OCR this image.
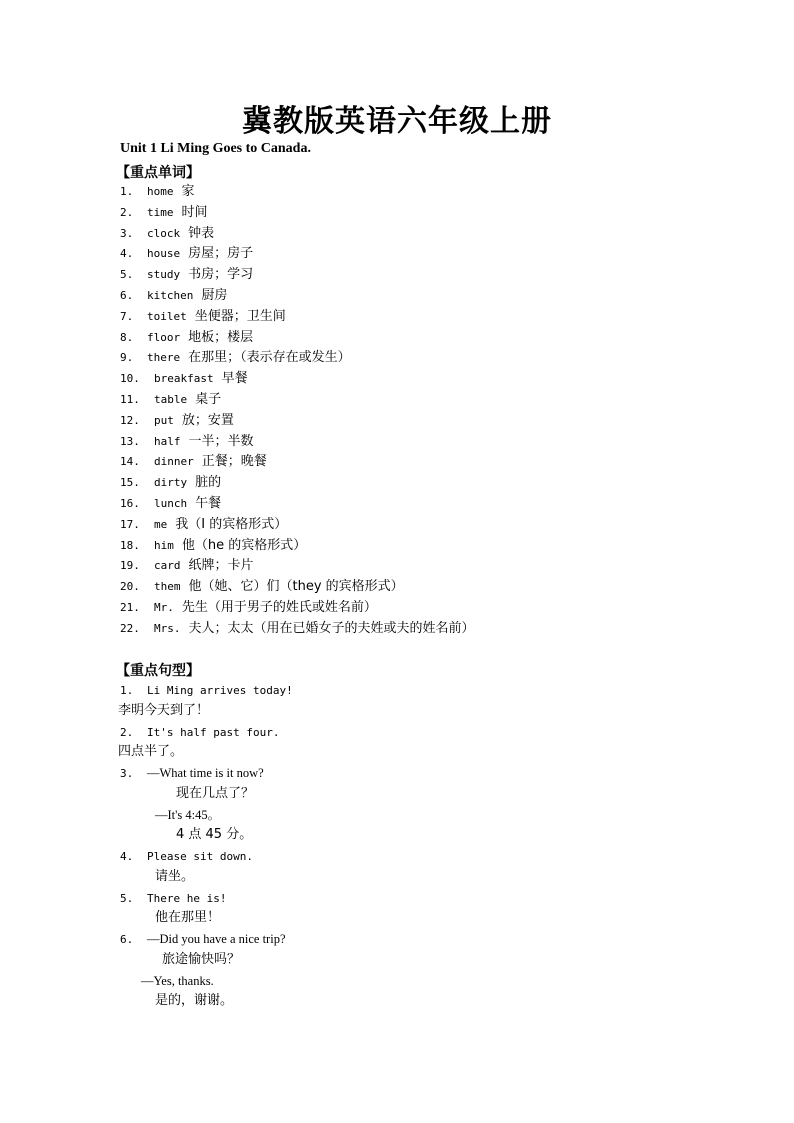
冀教版英语六年级上册
Unit 1 Li Ming Goes to Canada.
【重点单词】
1. home 家
2. time 时间
3. clock 钟表
4. house 房屋；房子
5. study 书房；学习
6. kitchen 厨房
7. toilet 坐便器；卫生间
8. floor 地板；楼层
9. there 在那里；（表示存在或发生）
10. breakfast 早餐
11. table 桌子
12. put 放；安置
13. half 一半；半数
14. dinner 正餐；晚餐
15. dirty 脏的
16. lunch 午餐
17. me 我（I 的宾格形式）
18. him 他（he 的宾格形式）
19. card 纸牌；卡片
20. them 他（她、它）们（they 的宾格形式）
21. Mr. 先生（用于男子的姓氏或姓名前）
22. Mrs. 夫人；太太（用在已婚女子的夫姓或夫的姓名前）
【重点句型】
1. Li Ming arrives today!
李明今天到了！
2. It's half past four.
四点半了。
3. —What time is it now?
现在几点了？
—It's 4:45。
4 点 45 分。
4. Please sit down.
请坐。
5. There he is!
他在那里！
6. —Did you have a nice trip?
旅途愉快吗？
—Yes, thanks.
是的，谢谢。
